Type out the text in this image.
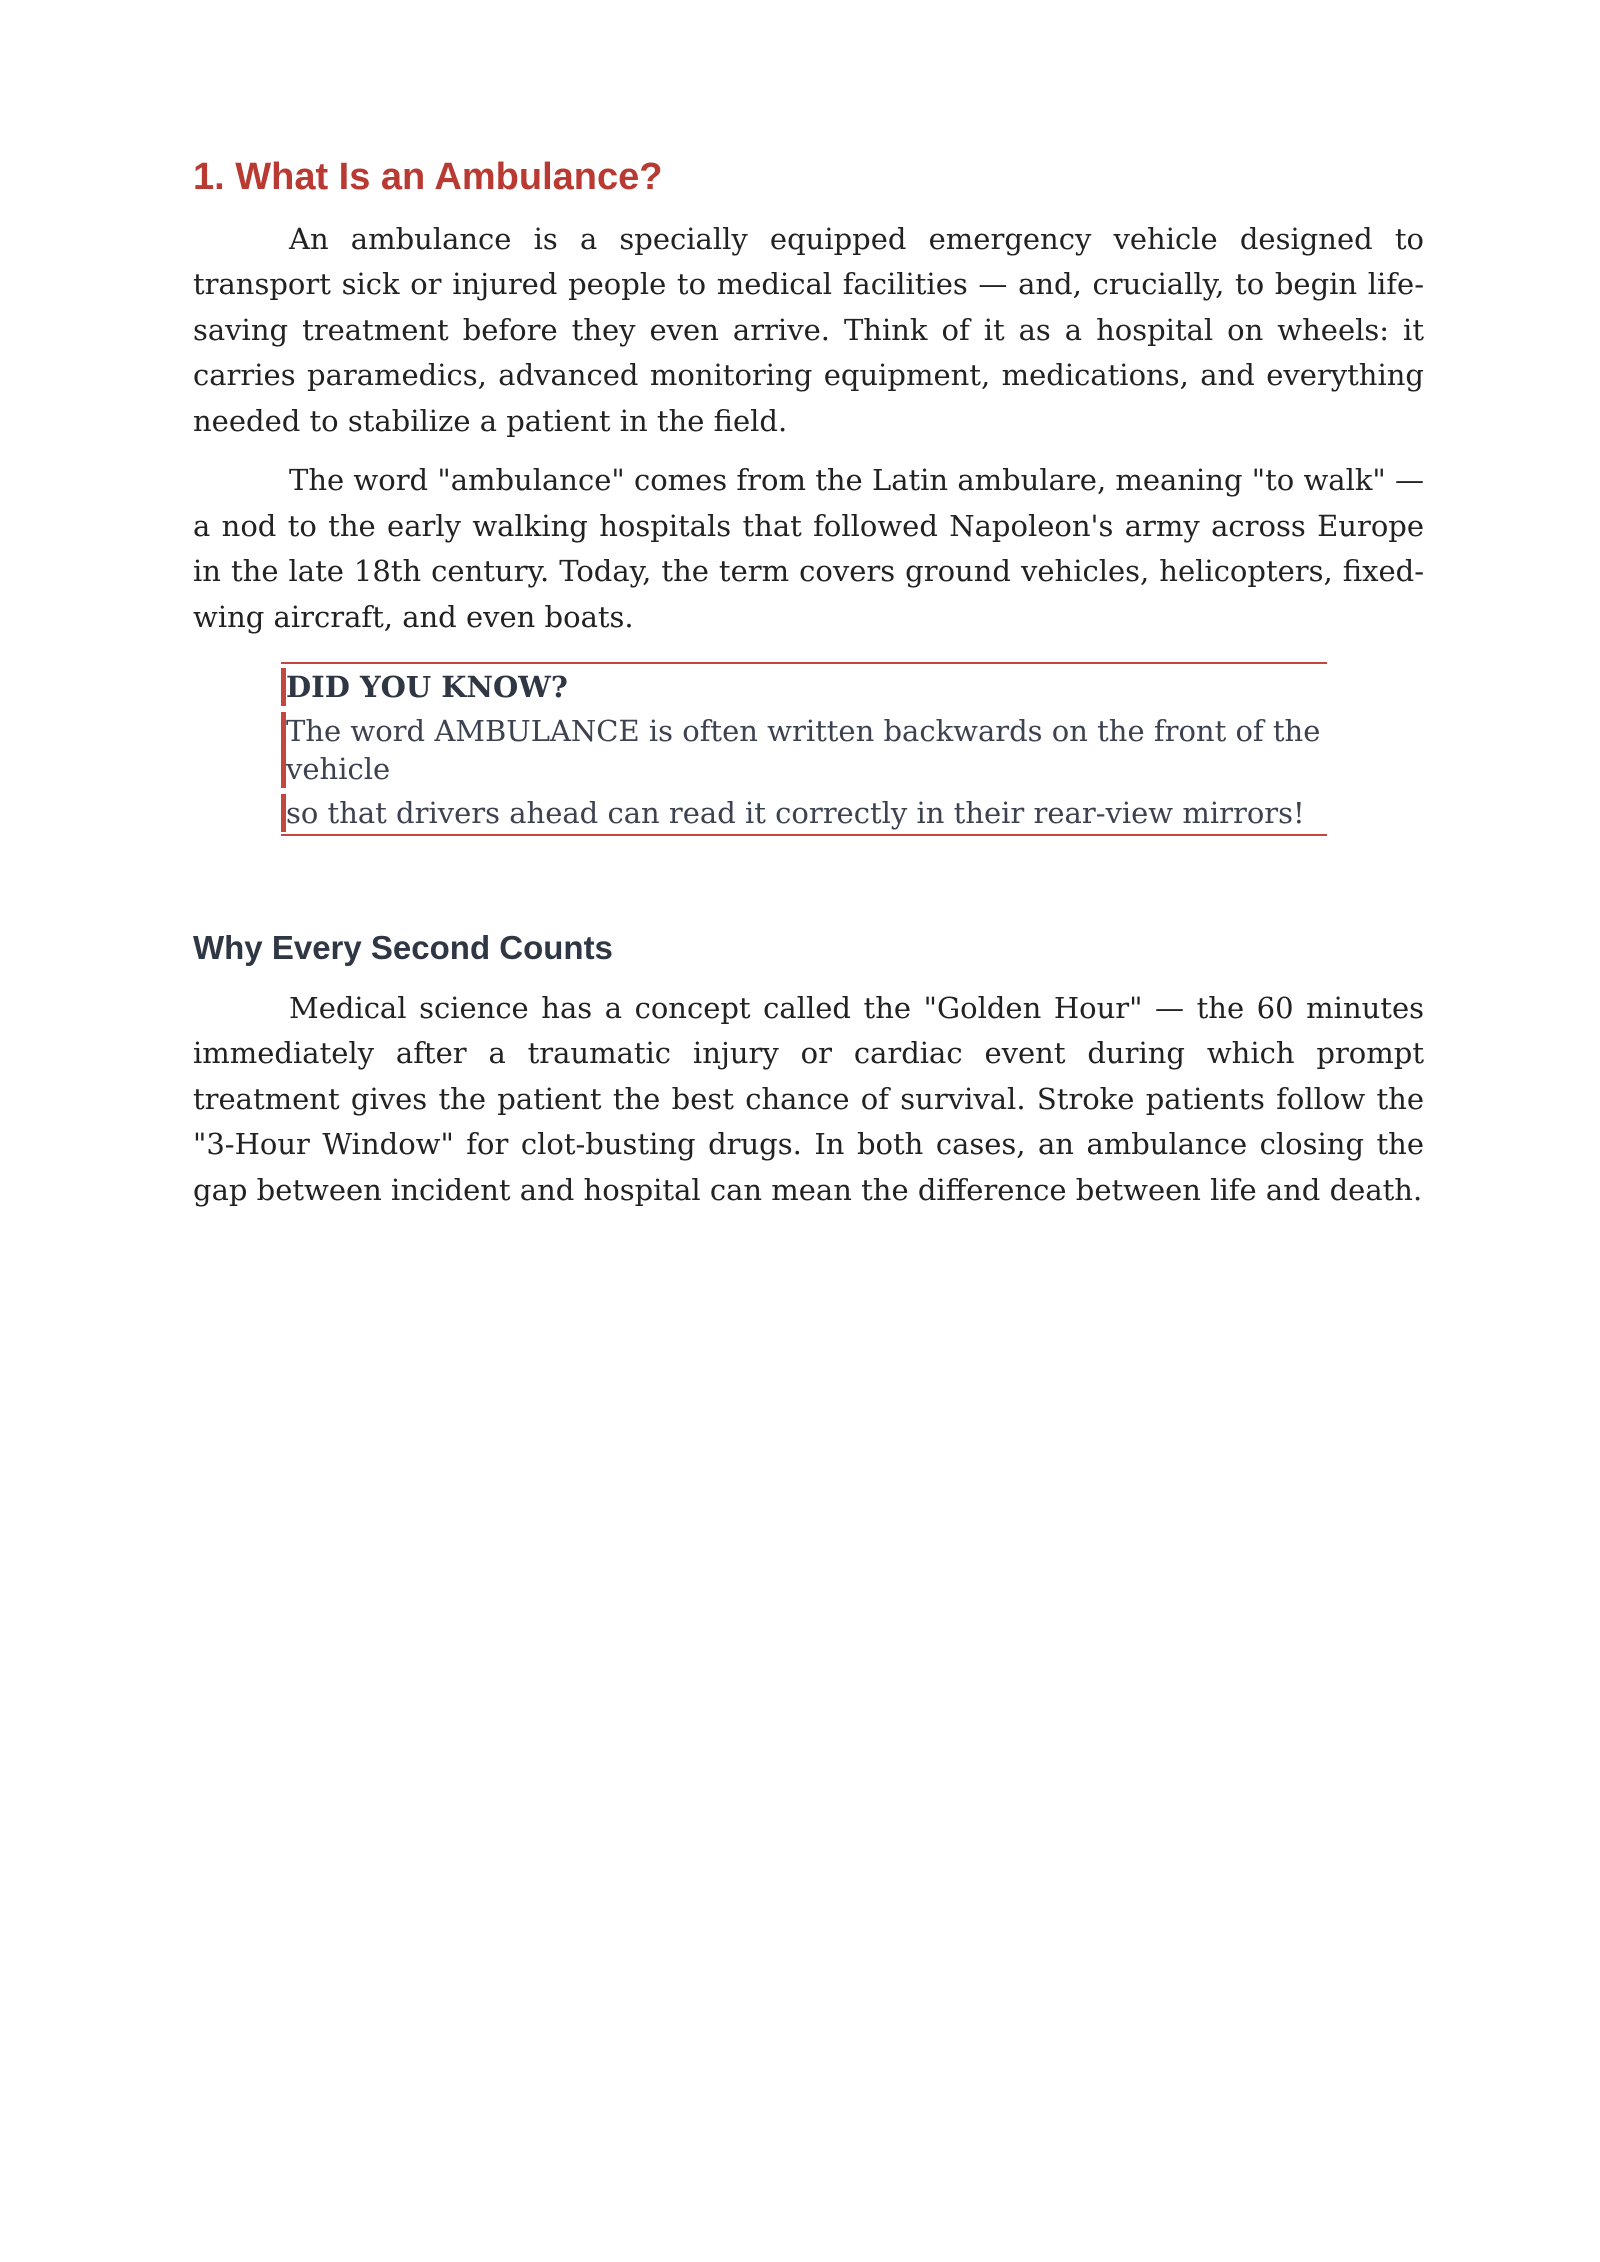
1. What Is an Ambulance?

An ambulance is a specially equipped emergency vehicle designed to transport sick or injured people to medical facilities — and, crucially, to begin life-saving treatment before they even arrive. Think of it as a hospital on wheels: it carries paramedics, advanced monitoring equipment, medications, and everything needed to stabilize a patient in the field.

The word "ambulance" comes from the Latin ambulare, meaning "to walk" — a nod to the early walking hospitals that followed Napoleon's army across Europe in the late 18th century. Today, the term covers ground vehicles, helicopters, fixed-wing aircraft, and even boats.

DID YOU KNOW?
The word AMBULANCE is often written backwards on the front of the vehicle
so that drivers ahead can read it correctly in their rear-view mirrors!
Why Every Second Counts

Medical science has a concept called the "Golden Hour" — the 60 minutes immediately after a traumatic injury or cardiac event during which prompt treatment gives the patient the best chance of survival. Stroke patients follow the "3-Hour Window" for clot-busting drugs. In both cases, an ambulance closing the gap between incident and hospital can mean the difference between life and death.
